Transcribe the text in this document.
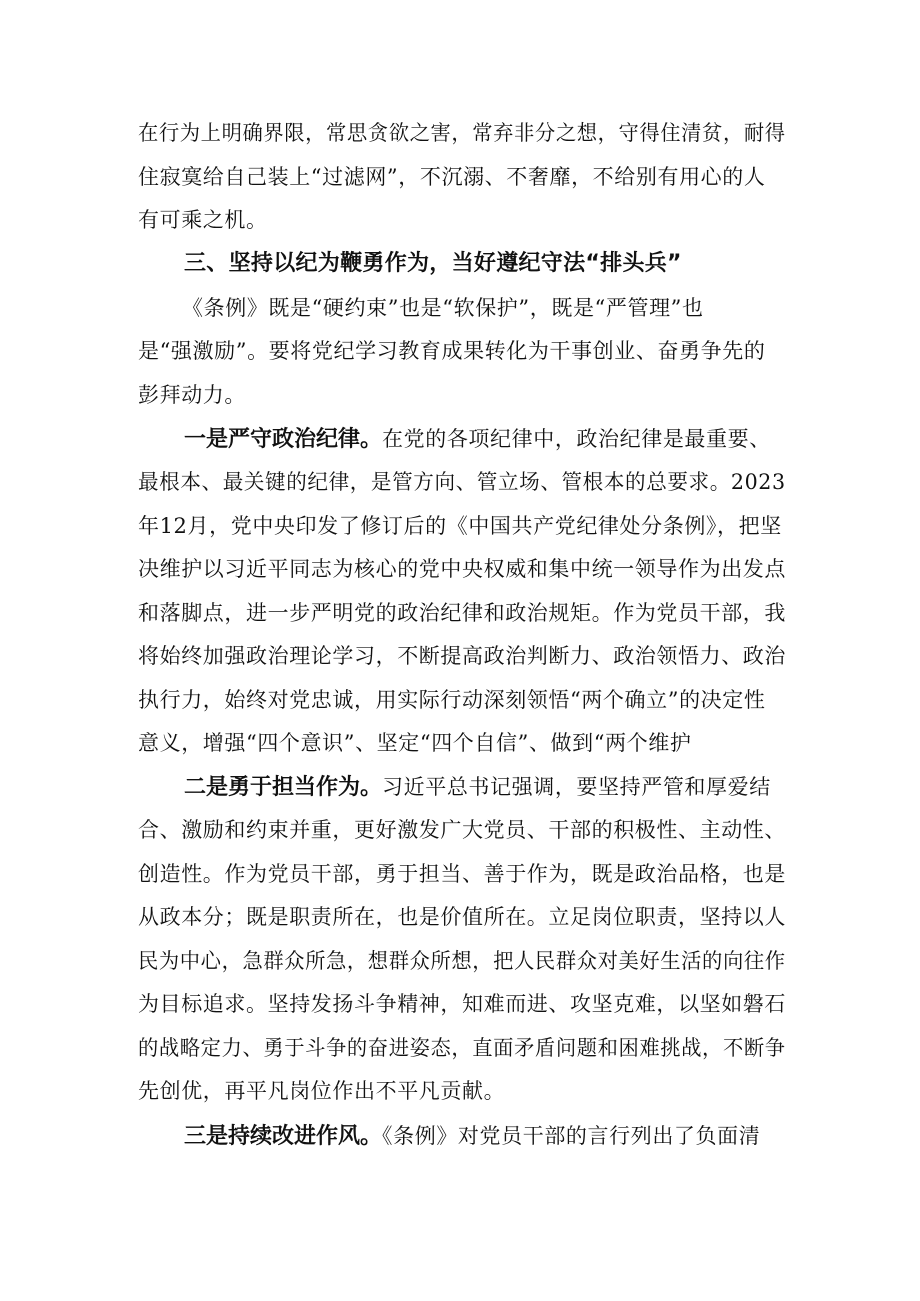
在行为上明确界限，常思贪欲之害，常弃非分之想，守得住清贫，耐得
住寂寞给自己装上“过滤网”，不沉溺、不奢靡，不给别有用心的人
有可乘之机。
三、坚持以纪为鞭勇作为，当好遵纪守法“排头兵”
《条例》既是“硬约束”也是“软保护”，既是“严管理”也
是“强激励”。要将党纪学习教育成果转化为干事创业、奋勇争先的
彭拜动力。
一是严守政治纪律。在党的各项纪律中，政治纪律是最重要、
最根本、最关键的纪律，是管方向、管立场、管根本的总要求。2023
年12月，党中央印发了修订后的《中国共产党纪律处分条例》，把坚
决维护以习近平同志为核心的党中央权威和集中统一领导作为出发点
和落脚点，进一步严明党的政治纪律和政治规矩。作为党员干部，我
将始终加强政治理论学习，不断提高政治判断力、政治领悟力、政治
执行力，始终对党忠诚，用实际行动深刻领悟“两个确立”的决定性
意义，增强“四个意识”、坚定“四个自信”、做到“两个维护
二是勇于担当作为。习近平总书记强调，要坚持严管和厚爱结
合、激励和约束并重，更好激发广大党员、干部的积极性、主动性、
创造性。作为党员干部，勇于担当、善于作为，既是政治品格，也是
从政本分；既是职责所在，也是价值所在。立足岗位职责，坚持以人
民为中心，急群众所急，想群众所想，把人民群众对美好生活的向往作
为目标追求。坚持发扬斗争精神，知难而进、攻坚克难，以坚如磐石
的战略定力、勇于斗争的奋进姿态，直面矛盾问题和困难挑战，不断争
先创优，再平凡岗位作出不平凡贡献。
三是持续改进作风。《条例》对党员干部的言行列出了负面清
